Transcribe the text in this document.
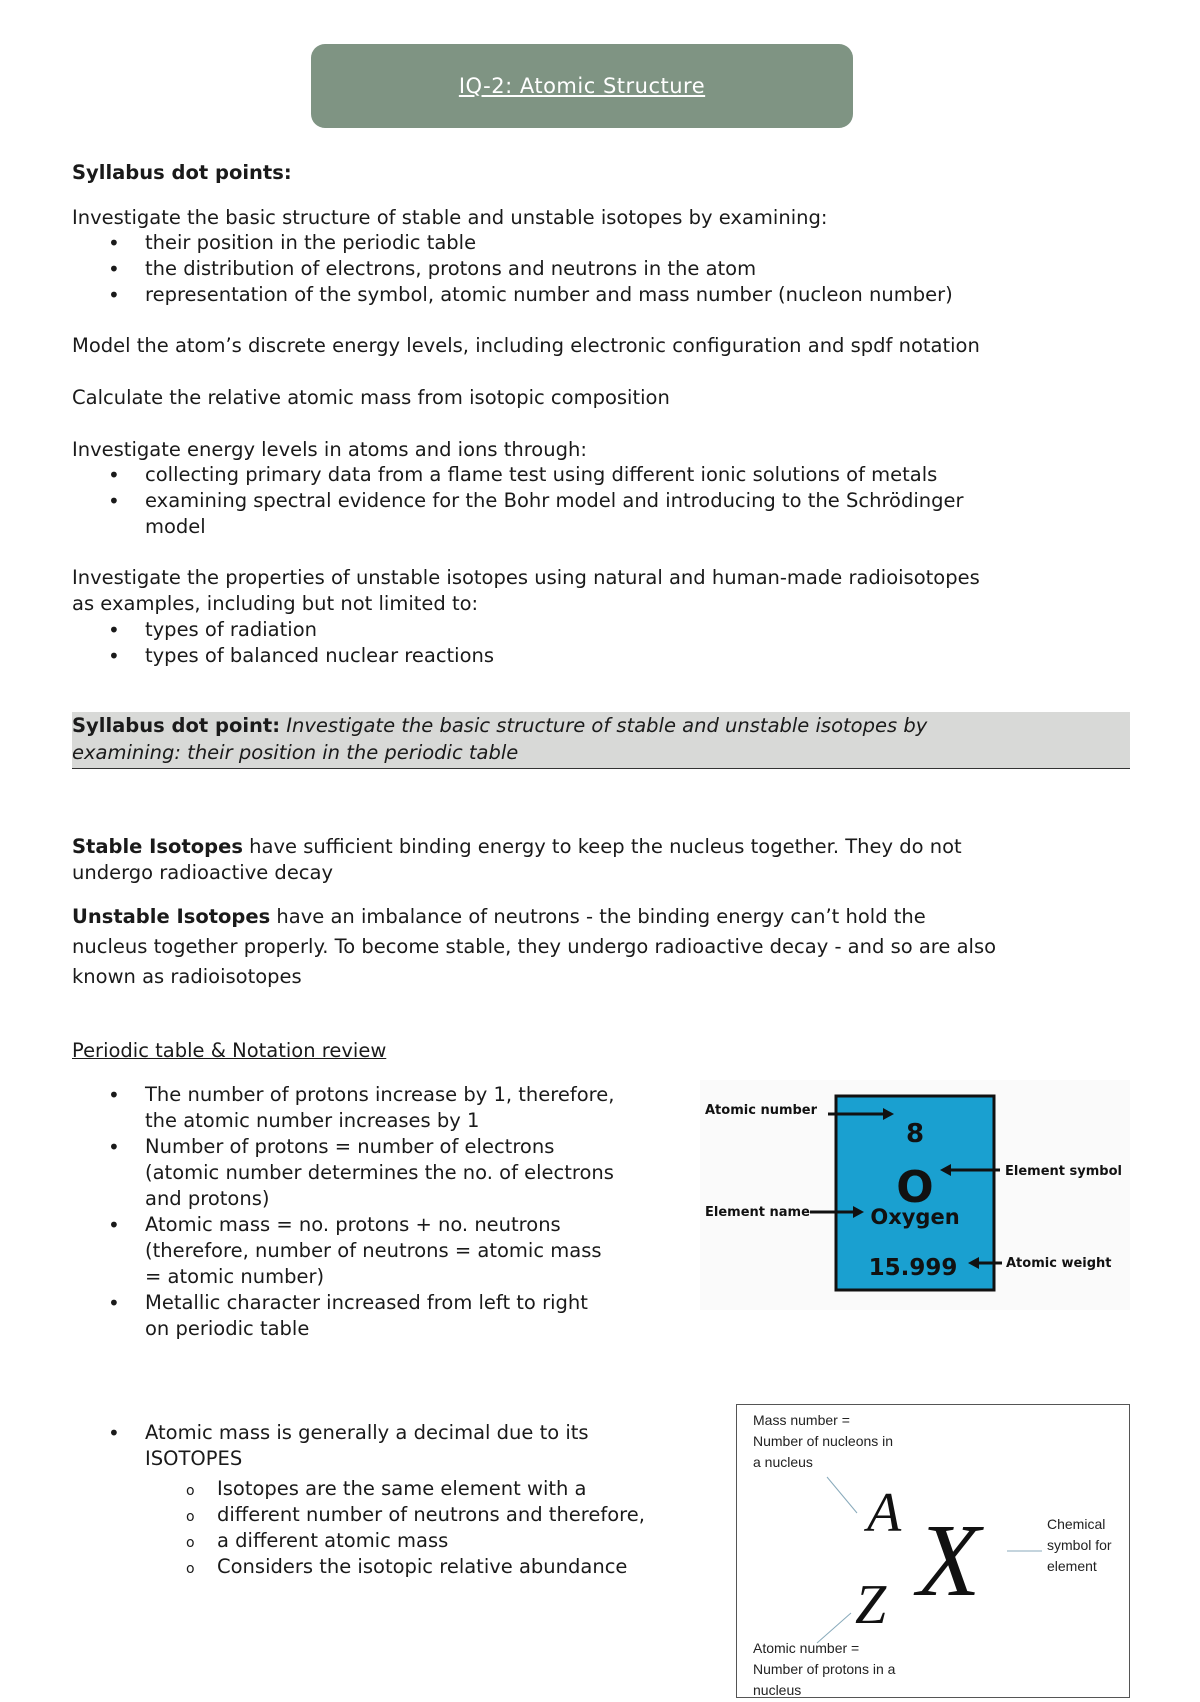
IQ-2: Atomic Structure
Syllabus dot points:
Investigate the basic structure of stable and unstable isotopes by examining:
• their position in the periodic table
• the distribution of electrons, protons and neutrons in the atom
• representation of the symbol, atomic number and mass number (nucleon number)
Model the atom’s discrete energy levels, including electronic configuration and spdf notation
Calculate the relative atomic mass from isotopic composition
Investigate energy levels in atoms and ions through:
• collecting primary data from a flame test using different ionic solutions of metals
• examining spectral evidence for the Bohr model and introducing to the Schrödinger
model
Investigate the properties of unstable isotopes using natural and human-made radioisotopes
as examples, including but not limited to:
• types of radiation
• types of balanced nuclear reactions
Syllabus dot point: Investigate the basic structure of stable and unstable isotopes by
examining: their position in the periodic table
Stable Isotopes have sufficient binding energy to keep the nucleus together. They do not
undergo radioactive decay
Unstable Isotopes have an imbalance of neutrons - the binding energy can’t hold the
nucleus together properly. To become stable, they undergo radioactive decay - and so are also
known as radioisotopes
Periodic table & Notation review
• The number of protons increase by 1, therefore,
the atomic number increases by 1
• Number of protons = number of electrons
(atomic number determines the no. of electrons
and protons)
• Atomic mass = no. protons + no. neutrons
(therefore, number of neutrons = atomic mass
= atomic number)
• Metallic character increased from left to right
on periodic table
• Atomic mass is generally a decimal due to its
ISOTOPES
o Isotopes are the same element with a
o different number of neutrons and therefore,
o a different atomic mass
o Considers the isotopic relative abundance
8
O
Oxygen
15.999
Atomic number
Element symbol
Element name
Atomic weight
Mass number =
Number of nucleons in
a nucleus
A
Z X	Chemical
symbol for
element
Atomic number =
Number of protons in a
nucleus
